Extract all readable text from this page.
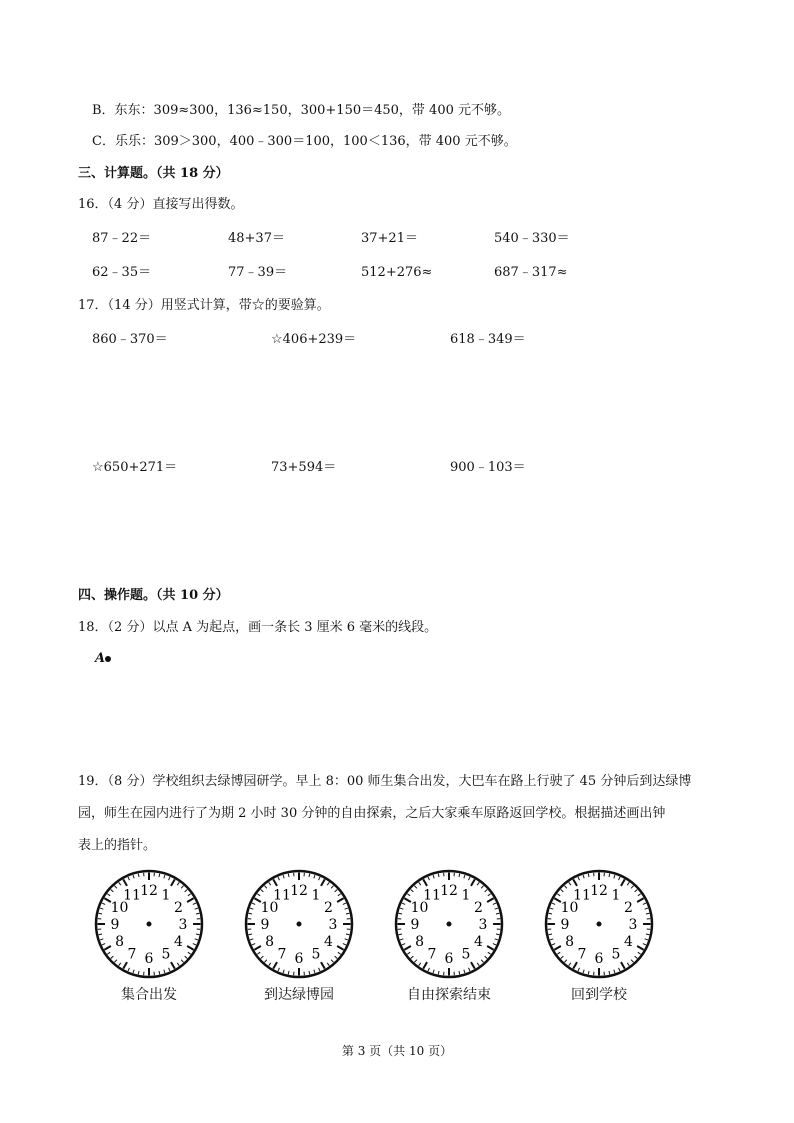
B．东东：309≈300，136≈150，300+150＝450，带 400 元不够。
C．乐乐：309＞300，400﹣300＝100，100＜136，带 400 元不够。
三、计算题。（共 18 分）
16．（4 分）直接写出得数。
87﹣22＝	48+37＝	37+21＝	540﹣330＝
62﹣35＝	77﹣39＝	512+276≈	687﹣317≈
17．（14 分）用竖式计算，带☆的要验算。
860﹣370＝	☆406+239＝	618﹣349＝
☆650+271＝	73+594＝	900﹣103＝
四、操作题。（共 10 分）
18．（2 分）以点 A 为起点，画一条长 3 厘米 6 毫米的线段。
A
19．（8 分）学校组织去绿博园研学。早上 8：00 师生集合出发，大巴车在路上行驶了 45 分钟后到达绿博
园，师生在园内进行了为期 2 小时 30 分钟的自由探索，之后大家乘车原路返回学校。根据描述画出钟
表上的指针。
12 1
2
3
4
5
6
7
8
9
10
11	12 1
2
3
4
5
6
7
8
9
10
11	12 1
2
3
4
5
6
7
8
9
10
11	12 1
2
3
4
5
6
7
8
9
10
11
集合出发	到达绿博园	自由探索结束	回到学校
第 3 页（共 10 页）
